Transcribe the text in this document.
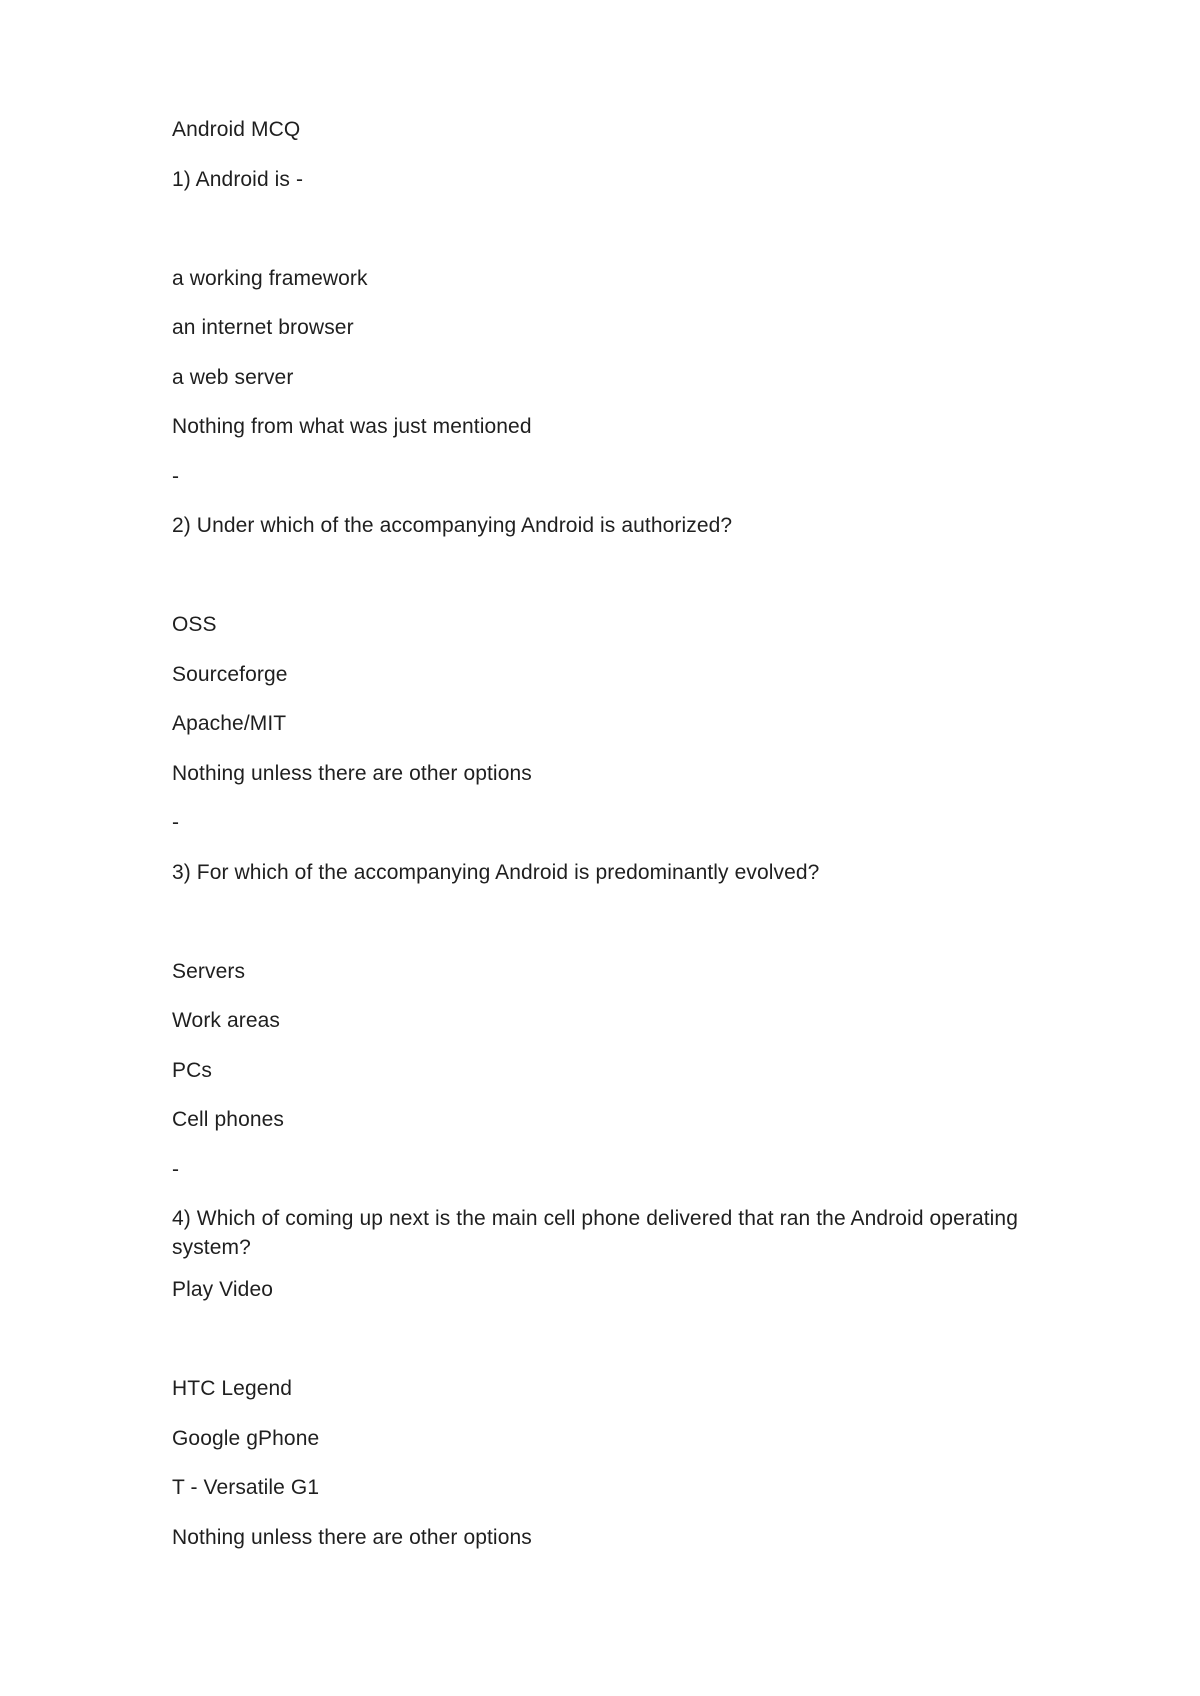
Android MCQ
1) Android is -
a working framework
an internet browser
a web server
Nothing from what was just mentioned
-
2) Under which of the accompanying Android is authorized?
OSS
Sourceforge
Apache/MIT
Nothing unless there are other options
-
3) For which of the accompanying Android is predominantly evolved?
Servers
Work areas
PCs
Cell phones
-
4) Which of coming up next is the main cell phone delivered that ran the Android operating system?
Play Video
HTC Legend
Google gPhone
T - Versatile G1
Nothing unless there are other options
